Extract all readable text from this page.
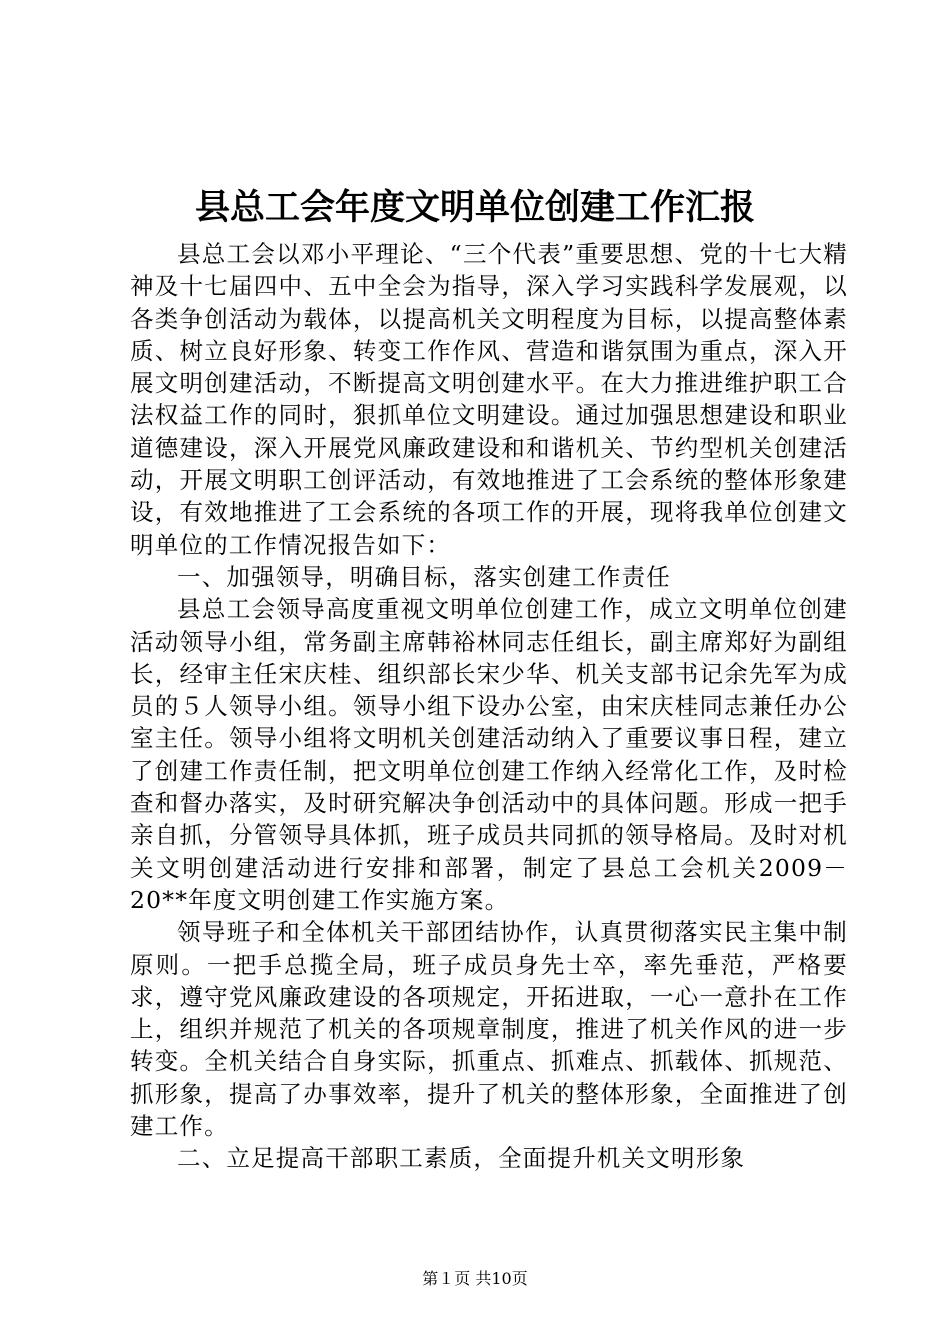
县总工会年度文明单位创建工作汇报

县总工会以邓小平理论、“三个代表”重要思想、党的十七大精神及十七届四中、五中全会为指导，深入学习实践科学发展观，以各类争创活动为载体，以提高机关文明程度为目标，以提高整体素质、树立良好形象、转变工作作风、营造和谐氛围为重点，深入开展文明创建活动，不断提高文明创建水平。在大力推进维护职工合法权益工作的同时，狠抓单位文明建设。通过加强思想建设和职业道德建设，深入开展党风廉政建设和和谐机关、节约型机关创建活动，开展文明职工创评活动，有效地推进了工会系统的整体形象建设，有效地推进了工会系统的各项工作的开展，现将我单位创建文明单位的工作情况报告如下：

一、加强领导，明确目标，落实创建工作责任

县总工会领导高度重视文明单位创建工作，成立文明单位创建活动领导小组，常务副主席韩裕林同志任组长，副主席郑好为副组长，经审主任宋庆桂、组织部长宋少华、机关支部书记余先军为成员的５人领导小组。领导小组下设办公室，由宋庆桂同志兼任办公室主任。领导小组将文明机关创建活动纳入了重要议事日程，建立了创建工作责任制，把文明单位创建工作纳入经常化工作，及时检查和督办落实，及时研究解决争创活动中的具体问题。形成一把手亲自抓，分管领导具体抓，班子成员共同抓的领导格局。及时对机关文明创建活动进行安排和部署，制定了县总工会机关2009－20**年度文明创建工作实施方案。

领导班子和全体机关干部团结协作，认真贯彻落实民主集中制原则。一把手总揽全局，班子成员身先士卒，率先垂范，严格要求，遵守党风廉政建设的各项规定，开拓进取，一心一意扑在工作上，组织并规范了机关的各项规章制度，推进了机关作风的进一步转变。全机关结合自身实际，抓重点、抓难点、抓载体、抓规范、抓形象，提高了办事效率，提升了机关的整体形象，全面推进了创建工作。

二、立足提高干部职工素质，全面提升机关文明形象

第１页 共10页
